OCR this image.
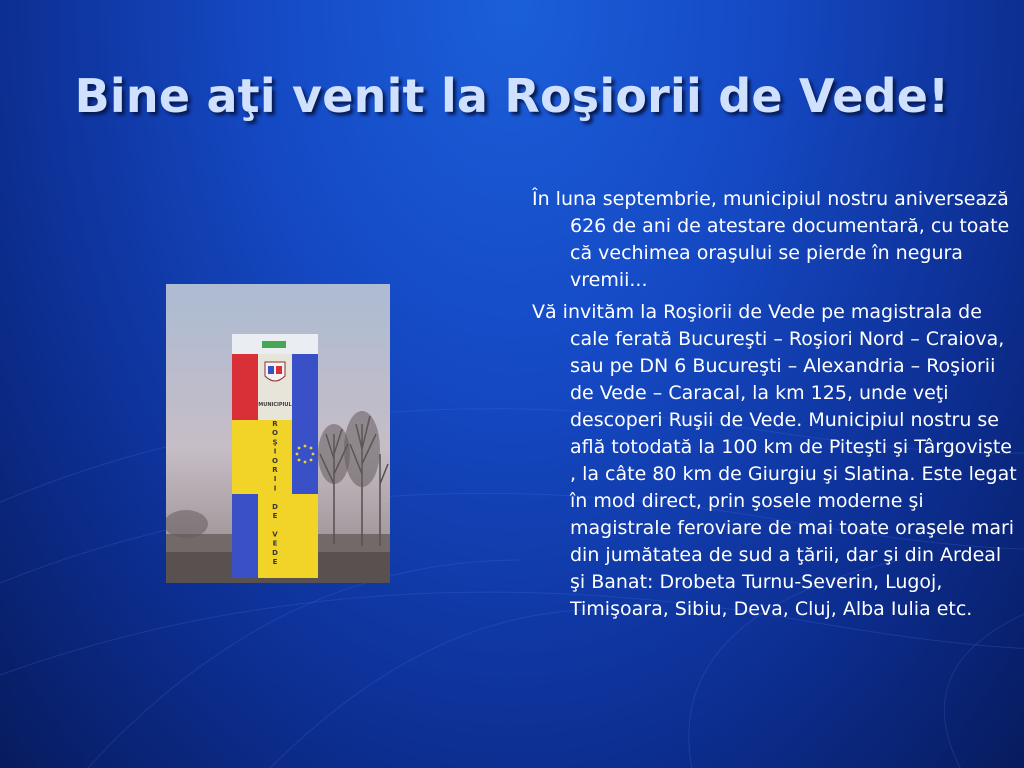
Bine aţi venit la Roşiorii de Vede!
MUNICIPIUL
R
O
Ş
I
O
R
I
I
D
E
V
E
D
E

În luna septembrie, municipiul nostru aniversează 626 de ani de atestare documentară, cu toate că vechimea oraşului se pierde în negura vremii...

Vă invităm la Roşiorii de Vede pe magistrala de cale ferată Bucureşti – Roşiori Nord – Craiova, sau pe DN 6 Bucureşti – Alexandria – Roşiorii de Vede – Caracal, la km 125, unde veţi descoperi Ruşii de Vede. Municipiul nostru se află totodată la 100 km de Piteşti şi Târgovişte , la câte 80 km de Giurgiu şi Slatina. Este legat în mod direct, prin şosele moderne şi magistrale feroviare de mai toate oraşele mari din jumătatea de sud a ţării, dar şi din Ardeal şi Banat: Drobeta Turnu-Severin, Lugoj, Timişoara, Sibiu, Deva, Cluj, Alba Iulia etc.
